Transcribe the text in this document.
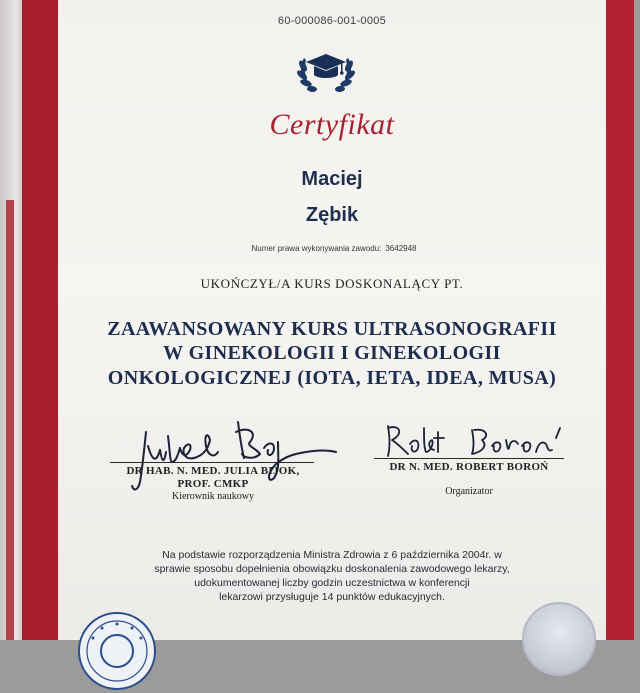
60-000086-001-0005
Certyfikat
Maciej
Zębik
Numer prawa wykonywania zawodu: 3642948
UKOŃCZYŁ/A KURS DOSKONALĄCY PT.
ZAAWANSOWANY KURS ULTRASONOGRAFII
W GINEKOLOGII I GINEKOLOGII
ONKOLOGICZNEJ (IOTA, IETA, IDEA, MUSA)
DR HAB. N. MED. JULIA BIJOK,
PROF. CMKP
Kierownik naukowy
DR N. MED. ROBERT BOROŃ
Organizator
Na podstawie rozporządzenia Ministra Zdrowia z 6 października 2004r. w
sprawie sposobu dopełnienia obowiązku doskonalenia zawodowego lekarzy,
udokumentowanej liczby godzin uczestnictwa w konferencji
lekarzowi przysługuje 14 punktów edukacyjnych.
